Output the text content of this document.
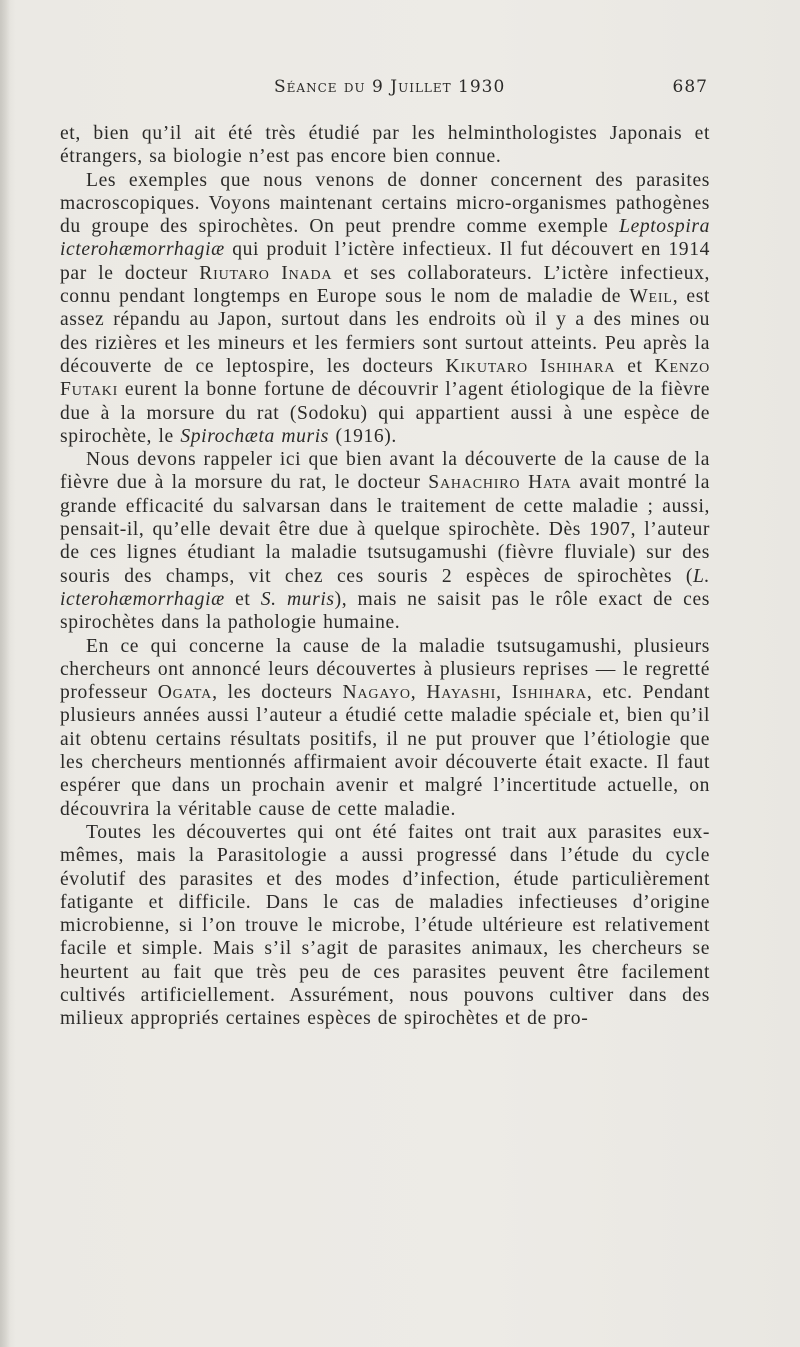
Séance du 9 Juillet 1930	687

et, bien qu’il ait été très étudié par les helminthologistes Japonais et étrangers, sa biologie n’est pas encore bien connue.

Les exemples que nous venons de donner concernent des parasites macroscopiques. Voyons maintenant certains micro-organismes pathogènes du groupe des spirochètes. On peut prendre comme exemple Leptospira icterohæmorrhagiæ qui produit l’ictère infectieux. Il fut découvert en 1914 par le docteur Riutaro Inada et ses collaborateurs. L’ictère infectieux, connu pendant longtemps en Europe sous le nom de maladie de Weil, est assez répandu au Japon, surtout dans les endroits où il y a des mines ou des rizières et les mineurs et les fermiers sont surtout atteints. Peu après la découverte de ce leptospire, les docteurs Kikutaro Ishihara et Kenzo Futaki eurent la bonne fortune de découvrir l’agent étiologique de la fièvre due à la morsure du rat (Sodoku) qui appartient aussi à une espèce de spirochète, le Spirochæta muris (1916).

Nous devons rappeler ici que bien avant la découverte de la cause de la fièvre due à la morsure du rat, le docteur Sahachiro Hata avait montré la grande efficacité du salvarsan dans le traitement de cette maladie ; aussi, pensait-il, qu’elle devait être due à quelque spirochète. Dès 1907, l’auteur de ces lignes étudiant la maladie tsutsugamushi (fièvre fluviale) sur des souris des champs, vit chez ces souris 2 espèces de spirochètes (L. icterohæmorrhagiæ et S. muris), mais ne saisit pas le rôle exact de ces spirochètes dans la pathologie humaine.

En ce qui concerne la cause de la maladie tsutsugamushi, plusieurs chercheurs ont annoncé leurs découvertes à plusieurs reprises — le regretté professeur Ogata, les docteurs Nagayo, Hayashi, Ishihara, etc. Pendant plusieurs années aussi l’auteur a étudié cette maladie spéciale et, bien qu’il ait obtenu certains résultats positifs, il ne put prouver que l’étiologie que les chercheurs mentionnés affirmaient avoir découverte était exacte. Il faut espérer que dans un prochain avenir et malgré l’incertitude actuelle, on découvrira la véritable cause de cette maladie.

Toutes les découvertes qui ont été faites ont trait aux parasites eux-mêmes, mais la Parasitologie a aussi progressé dans l’étude du cycle évolutif des parasites et des modes d’infection, étude particulièrement fatigante et difficile. Dans le cas de maladies infectieuses d’origine microbienne, si l’on trouve le microbe, l’étude ultérieure est relativement facile et simple. Mais s’il s’agit de parasites animaux, les chercheurs se heurtent au fait que très peu de ces parasites peuvent être facilement cultivés artificiellement. Assurément, nous pouvons cultiver dans des milieux appropriés certaines espèces de spirochètes et de pro-
